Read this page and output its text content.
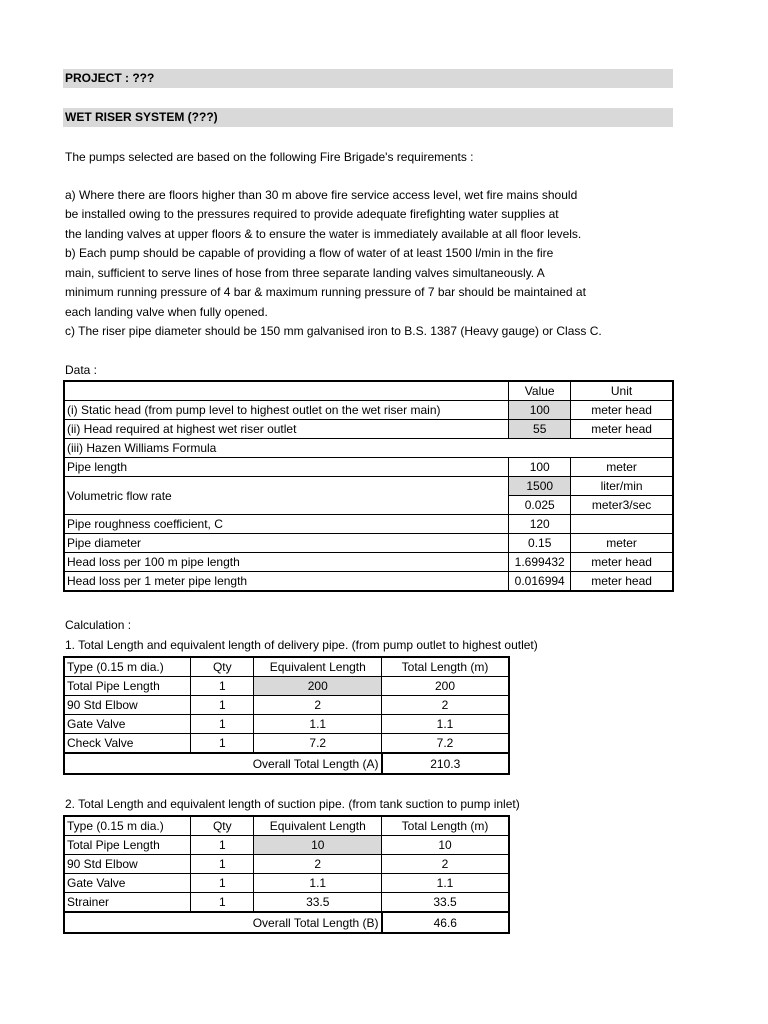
PROJECT : ???
WET RISER SYSTEM (???)
The pumps selected are based on the following Fire Brigade's requirements :
a) Where there are floors higher than 30 m above fire service access level, wet fire mains should
be installed owing to the pressures required to provide adequate firefighting water supplies at
the landing valves at upper floors & to ensure the water is immediately available at all floor levels.
b) Each pump should be capable of providing a flow of water of at least 1500 l/min in the fire
main, sufficient to serve lines of hose from three separate landing valves simultaneously. A
minimum running pressure of 4 bar & maximum running pressure of 7 bar should be maintained at
each landing valve when fully opened.
c) The riser pipe diameter should be 150 mm galvanised iron to B.S. 1387 (Heavy gauge) or Class C.
Data :
	Value	Unit
(i) Static head (from pump level to highest outlet on the wet riser main)	100	meter head
(ii) Head required at highest wet riser outlet	55	meter head
(iii) Hazen Williams Formula		
Pipe length	100	meter
Volumetric flow rate	1500	liter/min
	0.025	meter3/sec
Pipe roughness coefficient, C	120	
Pipe diameter	0.15	meter
Head loss per 100 m pipe length	1.699432	meter head
Head loss per 1 meter pipe length	0.016994	meter head
Calculation :
1. Total Length and equivalent length of delivery pipe. (from pump outlet to highest outlet)
Type (0.15 m dia.)	Qty	Equivalent Length	Total Length (m)
Total Pipe Length	1	200	200
90 Std Elbow	1	2	2
Gate Valve	1	1.1	1.1
Check Valve	1	7.2	7.2
Overall Total Length (A)			210.3
2. Total Length and equivalent length of suction pipe. (from tank suction to pump inlet)
Type (0.15 m dia.)	Qty	Equivalent Length	Total Length (m)
Total Pipe Length	1	10	10
90 Std Elbow	1	2	2
Gate Valve	1	1.1	1.1
Strainer	1	33.5	33.5
Overall Total Length (B)			46.6
